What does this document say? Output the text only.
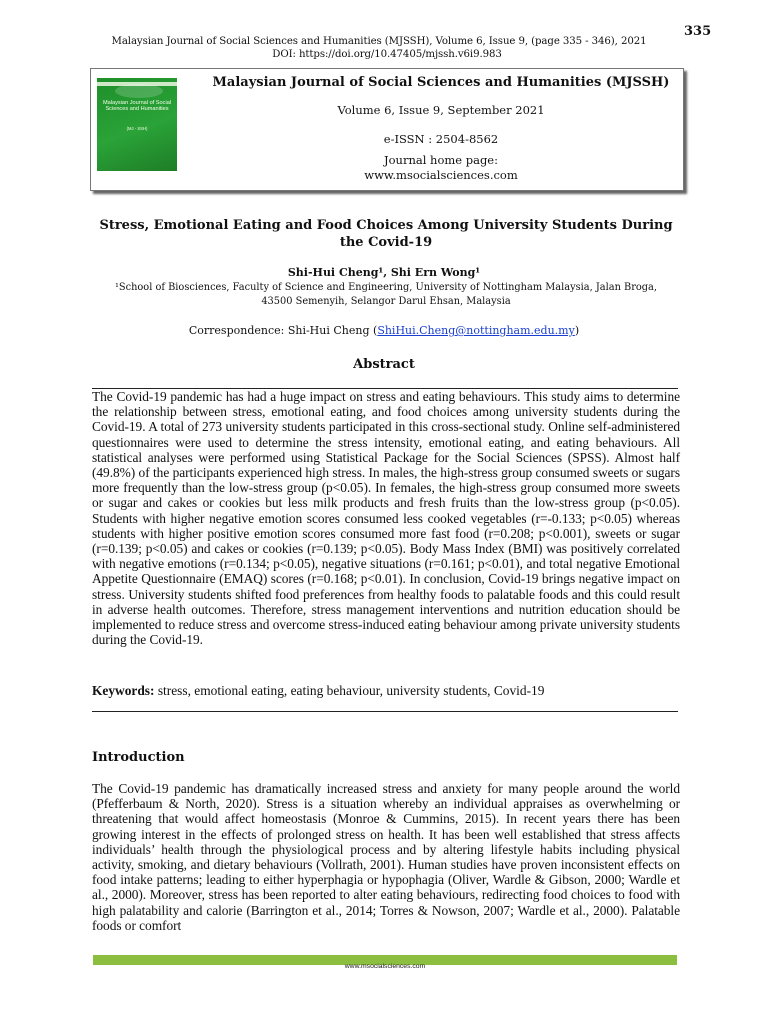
335
Malaysian Journal of Social Sciences and Humanities (MJSSH), Volume 6, Issue 9, (page 335 - 346), 2021
DOI: https://doi.org/10.47405/mjssh.v6i9.983
Malaysian Journal of Social Sciences and Humanities
(MJ - SSH)
Malaysian Journal of Social Sciences and Humanities (MJSSH)
Volume 6, Issue 9, September 2021
e-ISSN : 2504-8562
Journal home page:
www.msocialsciences.com
Stress, Emotional Eating and Food Choices Among University Students During the Covid-19
Shi-Hui Cheng¹, Shi Ern Wong¹
¹School of Biosciences, Faculty of Science and Engineering, University of Nottingham Malaysia, Jalan Broga, 43500 Semenyih, Selangor Darul Ehsan, Malaysia
Correspondence: Shi-Hui Cheng (ShiHui.Cheng@nottingham.edu.my)
Abstract
The Covid-19 pandemic has had a huge impact on stress and eating behaviours. This study aims to determine the relationship between stress, emotional eating, and food choices among university students during the Covid-19. A total of 273 university students participated in this cross-sectional study. Online self-administered questionnaires were used to determine the stress intensity, emotional eating, and eating behaviours. All statistical analyses were performed using Statistical Package for the Social Sciences (SPSS). Almost half (49.8%) of the participants experienced high stress. In males, the high-stress group consumed sweets or sugars more frequently than the low-stress group (p<0.05). In females, the high-stress group consumed more sweets or sugar and cakes or cookies but less milk products and fresh fruits than the low-stress group (p<0.05). Students with higher negative emotion scores consumed less cooked vegetables (r=-0.133; p<0.05) whereas students with higher positive emotion scores consumed more fast food (r=0.208; p<0.001), sweets or sugar (r=0.139; p<0.05) and cakes or cookies (r=0.139; p<0.05). Body Mass Index (BMI) was positively correlated with negative emotions (r=0.134; p<0.05), negative situations (r=0.161; p<0.01), and total negative Emotional Appetite Questionnaire (EMAQ) scores (r=0.168; p<0.01). In conclusion, Covid-19 brings negative impact on stress. University students shifted food preferences from healthy foods to palatable foods and this could result in adverse health outcomes. Therefore, stress management interventions and nutrition education should be implemented to reduce stress and overcome stress-induced eating behaviour among private university students during the Covid-19.
Keywords: stress, emotional eating, eating behaviour, university students, Covid-19
Introduction
The Covid-19 pandemic has dramatically increased stress and anxiety for many people around the world (Pfefferbaum & North, 2020). Stress is a situation whereby an individual appraises as overwhelming or threatening that would affect homeostasis (Monroe & Cummins, 2015). In recent years there has been growing interest in the effects of prolonged stress on health. It has been well established that stress affects individuals’ health through the physiological process and by altering lifestyle habits including physical activity, smoking, and dietary behaviours (Vollrath, 2001). Human studies have proven inconsistent effects on food intake patterns; leading to either hyperphagia or hypophagia (Oliver, Wardle & Gibson, 2000; Wardle et al., 2000). Moreover, stress has been reported to alter eating behaviours, redirecting food choices to food with high palatability and calorie (Barrington et al., 2014; Torres & Nowson, 2007; Wardle et al., 2000). Palatable foods or comfort
www.msocialsciences.com
